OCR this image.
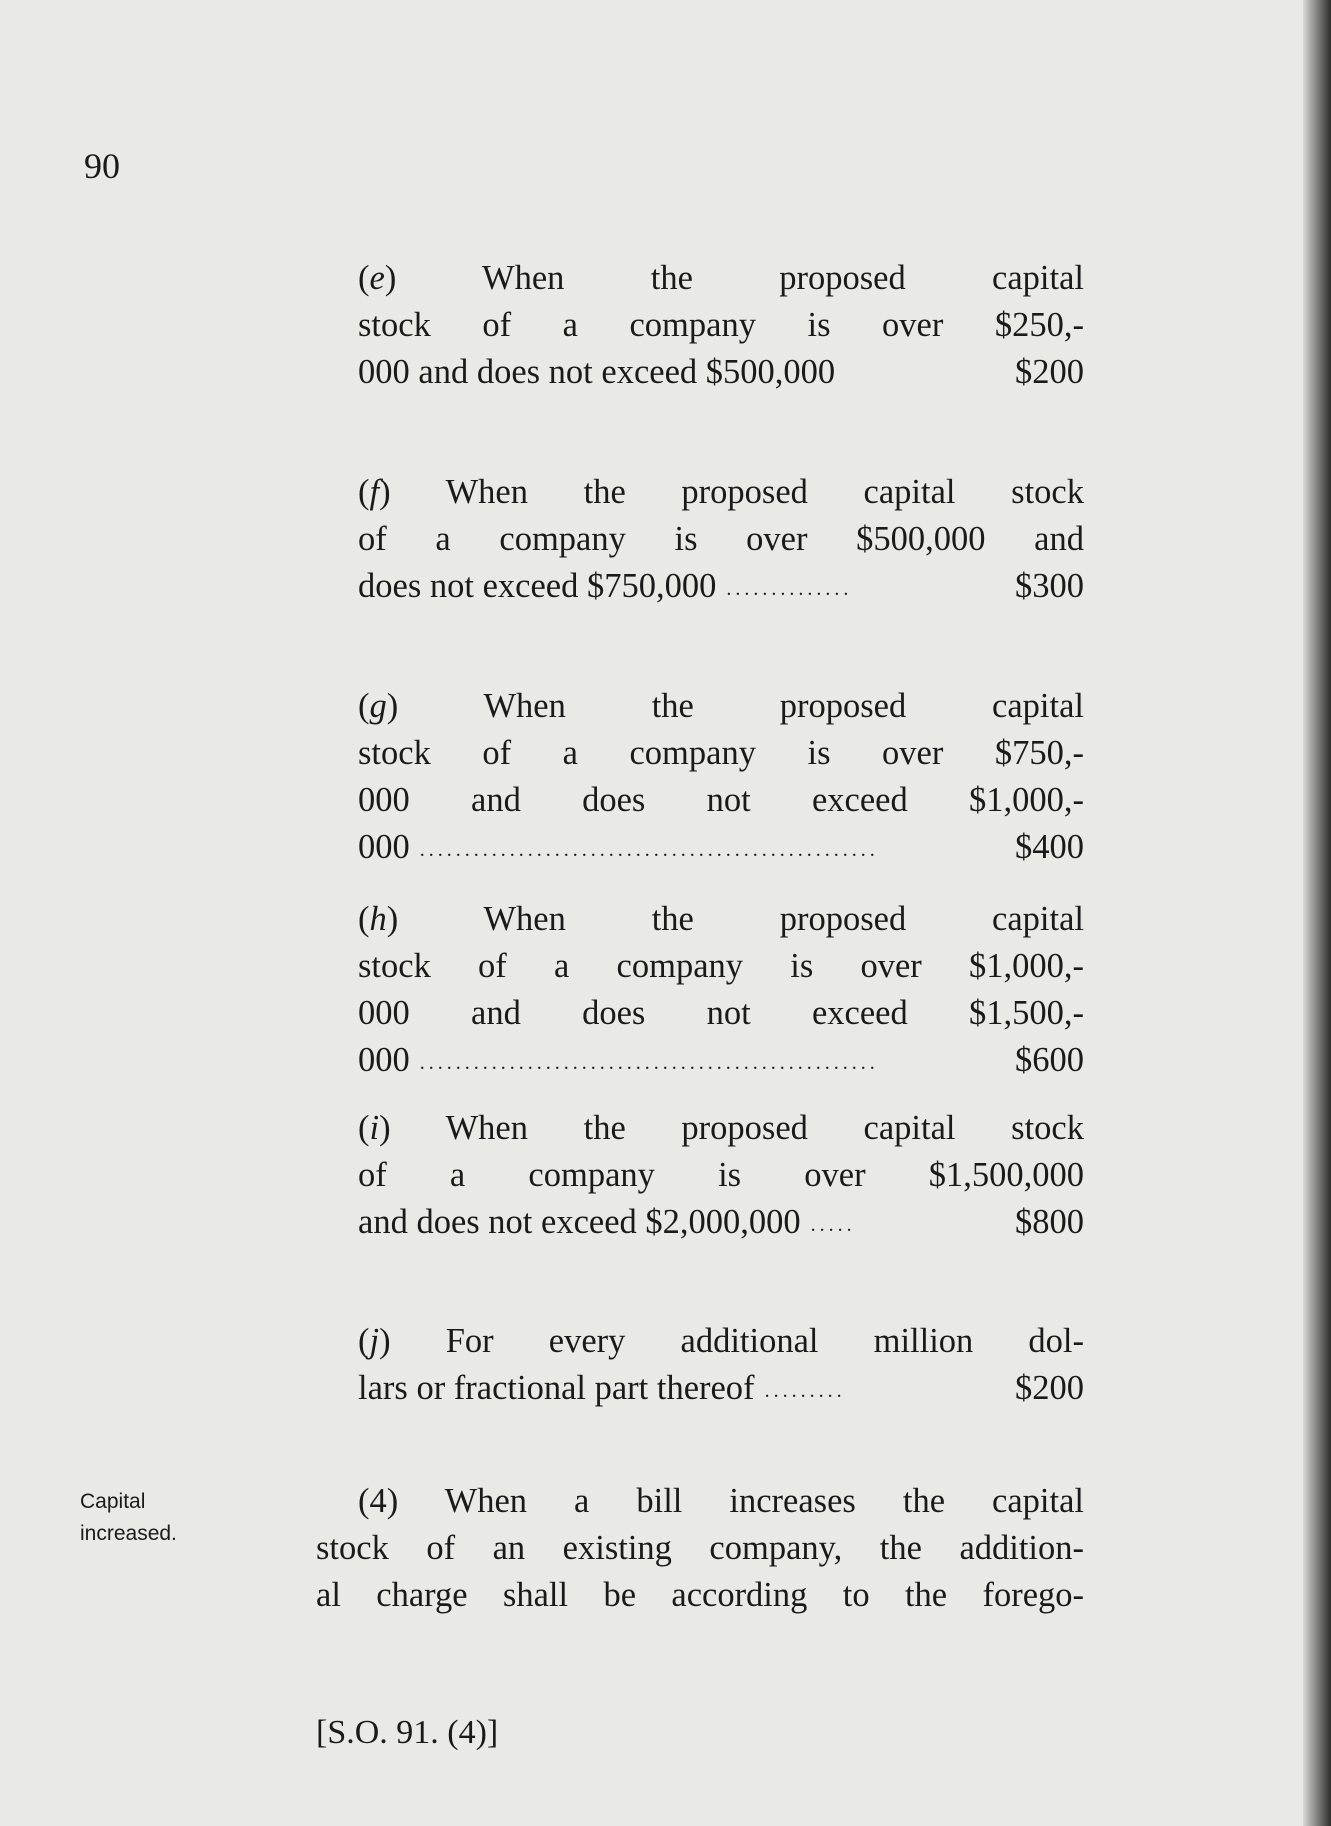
90
(e) When the proposed capital
stock of a company is over $250,-
000 and does not exceed $500,000	$200
(f) When the proposed capital stock
of a company is over $500,000 and
does not exceed $750,000 ..............	$300
(g) When the proposed capital
stock of a company is over $750,-
000 and does not exceed $1,000,-
000 ...................................................	$400
(h) When the proposed capital
stock of a company is over $1,000,-
000 and does not exceed $1,500,-
000 ...................................................	$600
(i) When the proposed capital stock
of a company is over $1,500,000
and does not exceed $2,000,000 .....	$800
(j) For every additional million dol-
lars or fractional part thereof .........	$200
Capital
increased.
(4) When a bill increases the capital
stock of an existing company, the addition-
al charge shall be according to the forego-
[S.O. 91. (4)]
